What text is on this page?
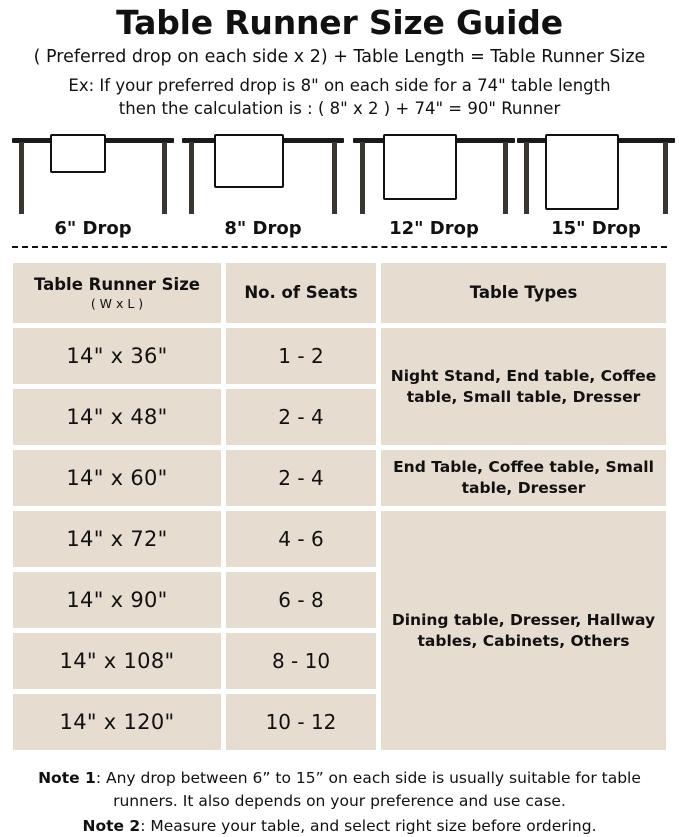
Table Runner Size Guide
( Preferred drop on each side x 2) + Table Length = Table Runner Size
Ex: If your preferred drop is 8" on each side for a 74" table length
then the calculation is : ( 8" x 2 ) + 74" = 90" Runner
6" Drop	8" Drop	12" Drop	15" Drop
Table Runner Size
( W x L )	No. of Seats	Table Types
14" x 36"	1 - 2	Night Stand, End table, Coffee table, Small table, Dresser
14" x 48"	2 - 4	
14" x 60"	2 - 4	End Table, Coffee table, Small table, Dresser
14" x 72"	4 - 6	Dining table, Dresser, Hallway tables, Cabinets, Others
14" x 90"	6 - 8	
14" x 108"	8 - 10	
14" x 120"	10 - 12	
Note 1: Any drop between 6” to 15” on each side is usually suitable for table runners. It also depends on your preference and use case.
Note 2: Measure your table, and select right size before ordering.
